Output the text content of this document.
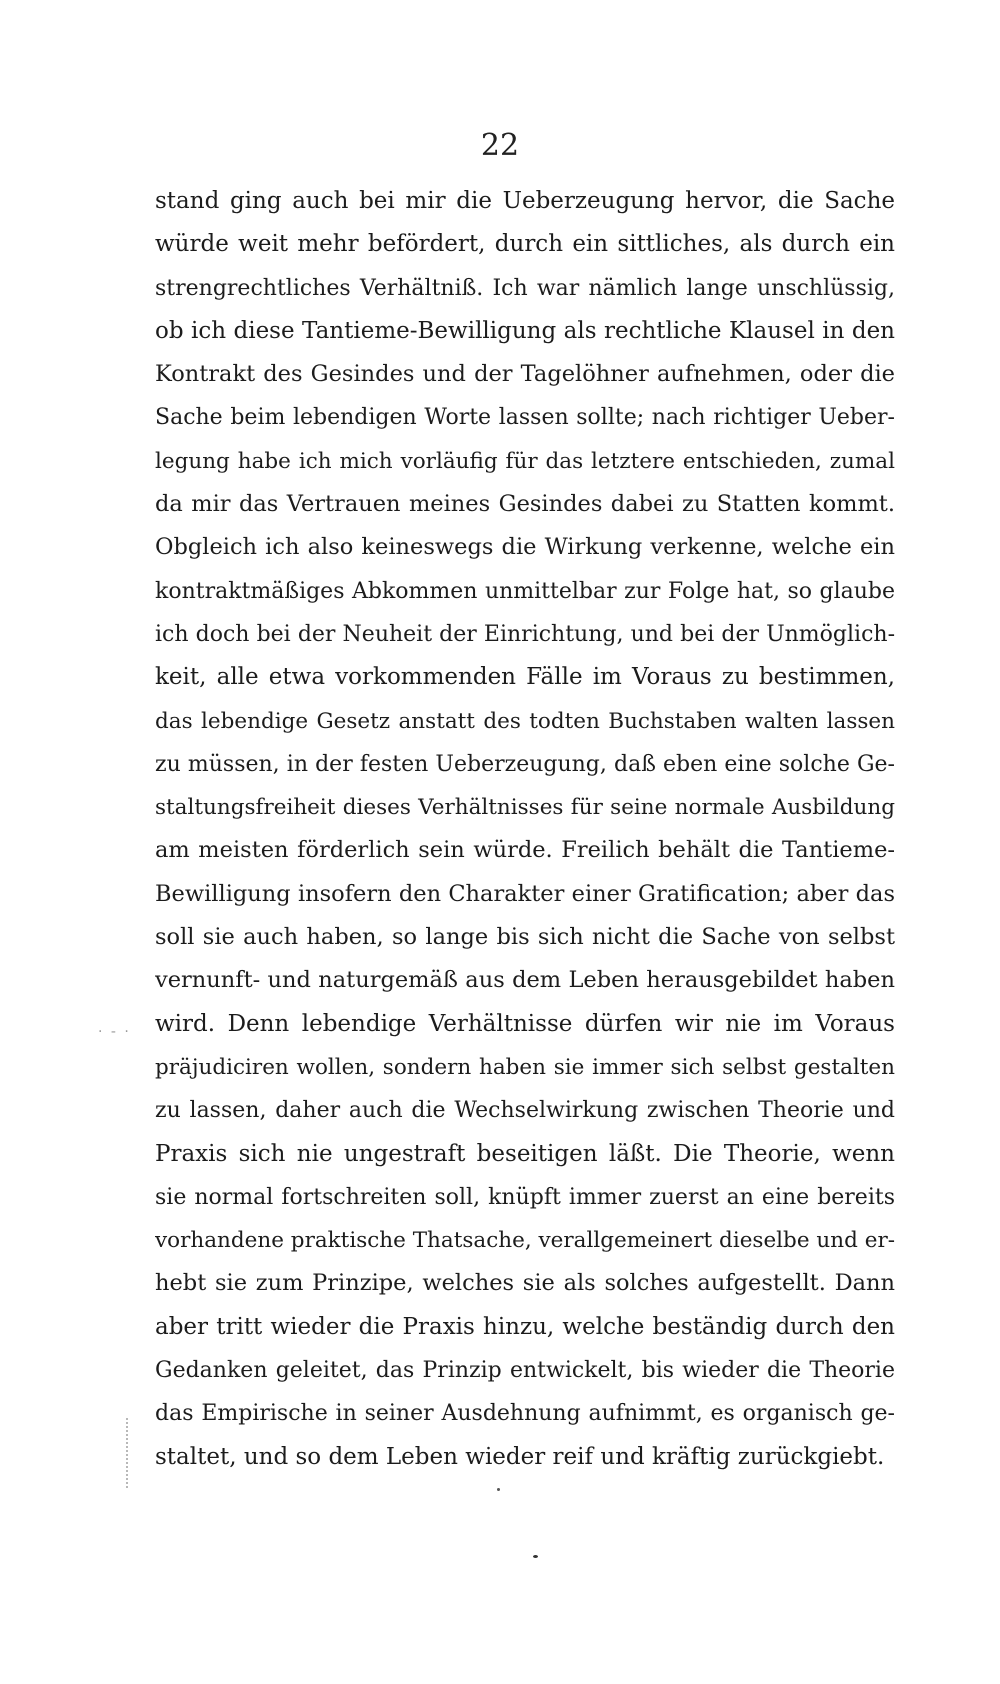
22
stand ging auch bei mir die Ueberzeugung hervor, die Sache
würde weit mehr befördert, durch ein sittliches, als durch ein
strengrechtliches Verhältniß. Ich war nämlich lange unschlüssig,
ob ich diese Tantieme-Bewilligung als rechtliche Klausel in den
Kontrakt des Gesindes und der Tagelöhner aufnehmen, oder die
Sache beim lebendigen Worte lassen sollte; nach richtiger Ueber-
legung habe ich mich vorläufig für das letztere entschieden, zumal
da mir das Vertrauen meines Gesindes dabei zu Statten kommt.
Obgleich ich also keineswegs die Wirkung verkenne, welche ein
kontraktmäßiges Abkommen unmittelbar zur Folge hat, so glaube
ich doch bei der Neuheit der Einrichtung, und bei der Unmöglich-
keit, alle etwa vorkommenden Fälle im Voraus zu bestimmen,
das lebendige Gesetz anstatt des todten Buchstaben walten lassen
zu müssen, in der festen Ueberzeugung, daß eben eine solche Ge-
staltungsfreiheit dieses Verhältnisses für seine normale Ausbildung
am meisten förderlich sein würde. Freilich behält die Tantieme-
Bewilligung insofern den Charakter einer Gratification; aber das
soll sie auch haben, so lange bis sich nicht die Sache von selbst
vernunft- und naturgemäß aus dem Leben herausgebildet haben
wird. Denn lebendige Verhältnisse dürfen wir nie im Voraus
präjudiciren wollen, sondern haben sie immer sich selbst gestalten
zu lassen, daher auch die Wechselwirkung zwischen Theorie und
Praxis sich nie ungestraft beseitigen läßt. Die Theorie, wenn
sie normal fortschreiten soll, knüpft immer zuerst an eine bereits
vorhandene praktische Thatsache, verallgemeinert dieselbe und er-
hebt sie zum Prinzipe, welches sie als solches aufgestellt. Dann
aber tritt wieder die Praxis hinzu, welche beständig durch den
Gedanken geleitet, das Prinzip entwickelt, bis wieder die Theorie
das Empirische in seiner Ausdehnung aufnimmt, es organisch ge-
staltet, und so dem Leben wieder reif und kräftig zurückgiebt.
· - ·
